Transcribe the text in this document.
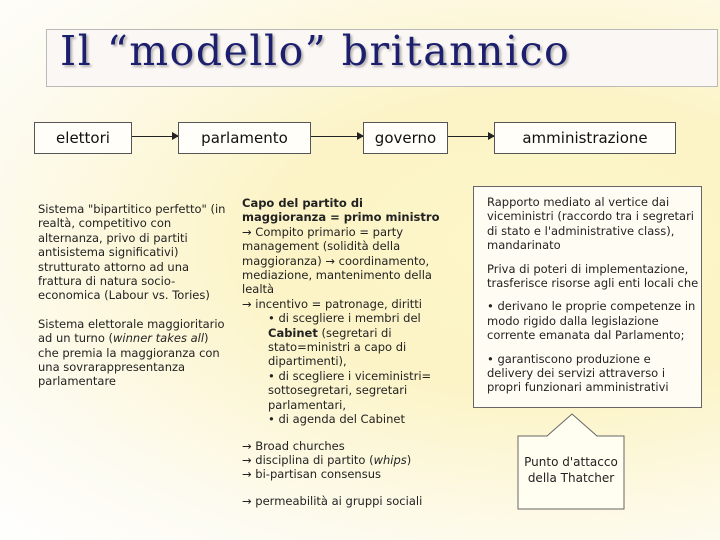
Il “modello” britannico
elettori	parlamento	governo	amministrazione

Sistema "bipartitico perfetto" (in realtà, competitivo con alternanza, privo di partiti antisistema significativi) strutturato attorno ad una frattura di natura socio-economica (Labour vs. Tories)

Sistema elettorale maggioritario ad un turno (winner takes all) che premia la maggioranza con una sovrarappresentanza parlamentare

Capo del partito di maggioranza = primo ministro

→ Compito primario = party management (solidità della maggioranza) → coordinamento, mediazione, mantenimento della lealtà

→ incentivo = patronage, diritti

• di scegliere i membri del Cabinet (segretari di stato=ministri a capo di dipartimenti),

• di scegliere i viceministri= sottosegretari, segretari parlamentari,

• di agenda del Cabinet

→ Broad churches

→ disciplina di partito (whips)

→ bi-partisan consensus

→ permeabilità ai gruppi sociali

Rapporto mediato al vertice dai viceministri (raccordo tra i segretari di stato e l'administrative class), mandarinato

Priva di poteri di implementazione, trasferisce risorse agli enti locali che

• derivano le proprie competenze in modo rigido dalla legislazione corrente emanata dal Parlamento;

• garantiscono produzione e delivery dei servizi attraverso i propri funzionari amministrativi

Punto d'attacco della Thatcher
